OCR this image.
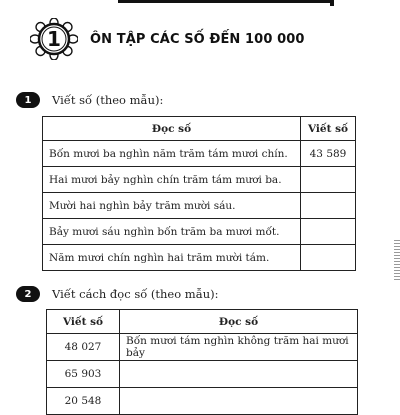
1	ÔN TẬP CÁC SỐ ĐẾN 100 000
1	Viết số (theo mẫu):
Đọc số	Viết số
Bốn mươi ba nghìn năm trăm tám mươi chín.	43 589
Hai mươi bảy nghìn chín trăm tám mươi ba.	
Mười hai nghìn bảy trăm mười sáu.	
Bảy mươi sáu nghìn bốn trăm ba mươi mốt.	
Năm mươi chín nghìn hai trăm mười tám.	
2	Viết cách đọc số (theo mẫu):
Viết số	Đọc số
48 027	Bốn mươi tám nghìn không trăm hai mươi bảy
65 903	
20 548	
